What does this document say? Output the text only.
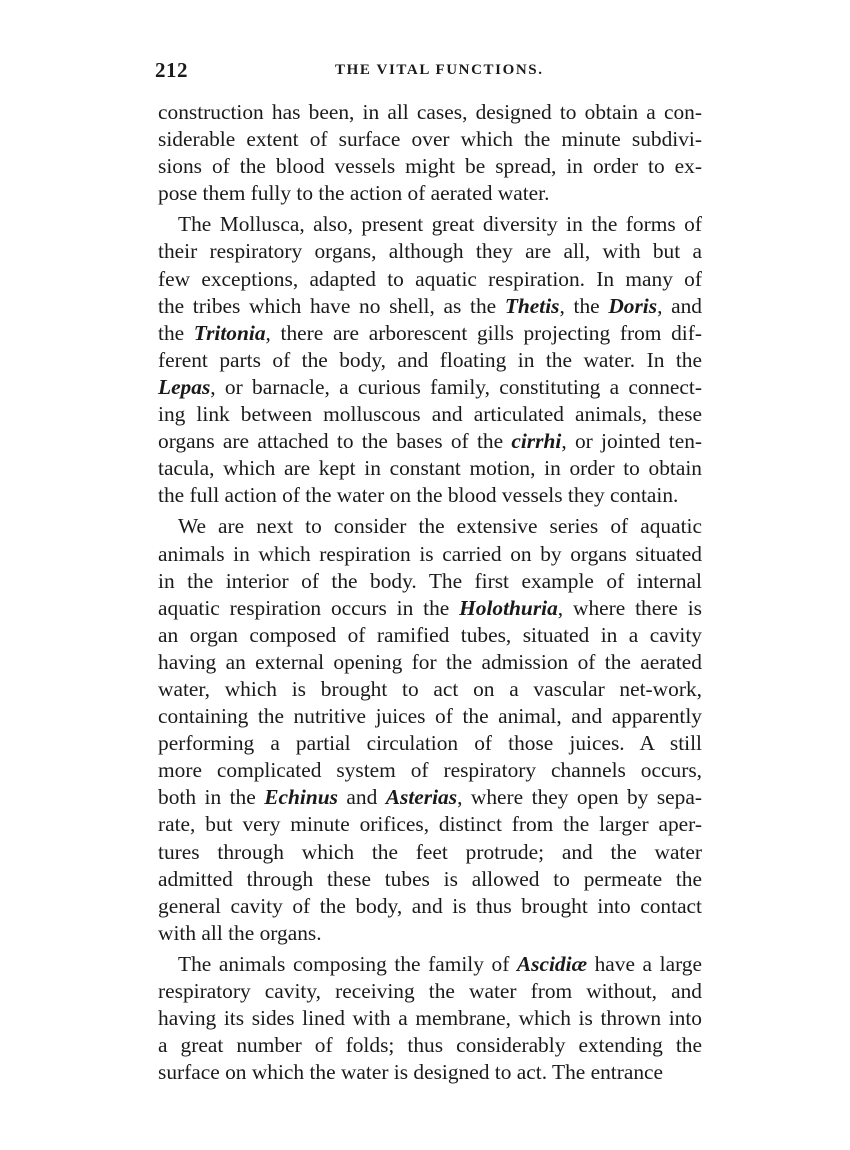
212	THE VITAL FUNCTIONS.

construction has been, in all cases, designed to obtain a con-

siderable extent of surface over which the minute subdivi-

sions of the blood vessels might be spread, in order to ex-

pose them fully to the action of aerated water.

The Mollusca, also, present great diversity in the forms of

their respiratory organs, although they are all, with but a

few exceptions, adapted to aquatic respiration. In many of

the tribes which have no shell, as the Thetis, the Doris, and

the Tritonia, there are arborescent gills projecting from dif-

ferent parts of the body, and floating in the water. In the

Lepas, or barnacle, a curious family, constituting a connect-

ing link between molluscous and articulated animals, these

organs are attached to the bases of the cirrhi, or jointed ten-

tacula, which are kept in constant motion, in order to obtain

the full action of the water on the blood vessels they contain.

We are next to consider the extensive series of aquatic

animals in which respiration is carried on by organs situated

in the interior of the body. The first example of internal

aquatic respiration occurs in the Holothuria, where there is

an organ composed of ramified tubes, situated in a cavity

having an external opening for the admission of the aerated

water, which is brought to act on a vascular net-work,

containing the nutritive juices of the animal, and apparently

performing a partial circulation of those juices. A still

more complicated system of respiratory channels occurs,

both in the Echinus and Asterias, where they open by sepa-

rate, but very minute orifices, distinct from the larger aper-

tures through which the feet protrude; and the water

admitted through these tubes is allowed to permeate the

general cavity of the body, and is thus brought into contact

with all the organs.

The animals composing the family of Ascidiæ have a large

respiratory cavity, receiving the water from without, and

having its sides lined with a membrane, which is thrown into

a great number of folds; thus considerably extending the

surface on which the water is designed to act. The entrance
